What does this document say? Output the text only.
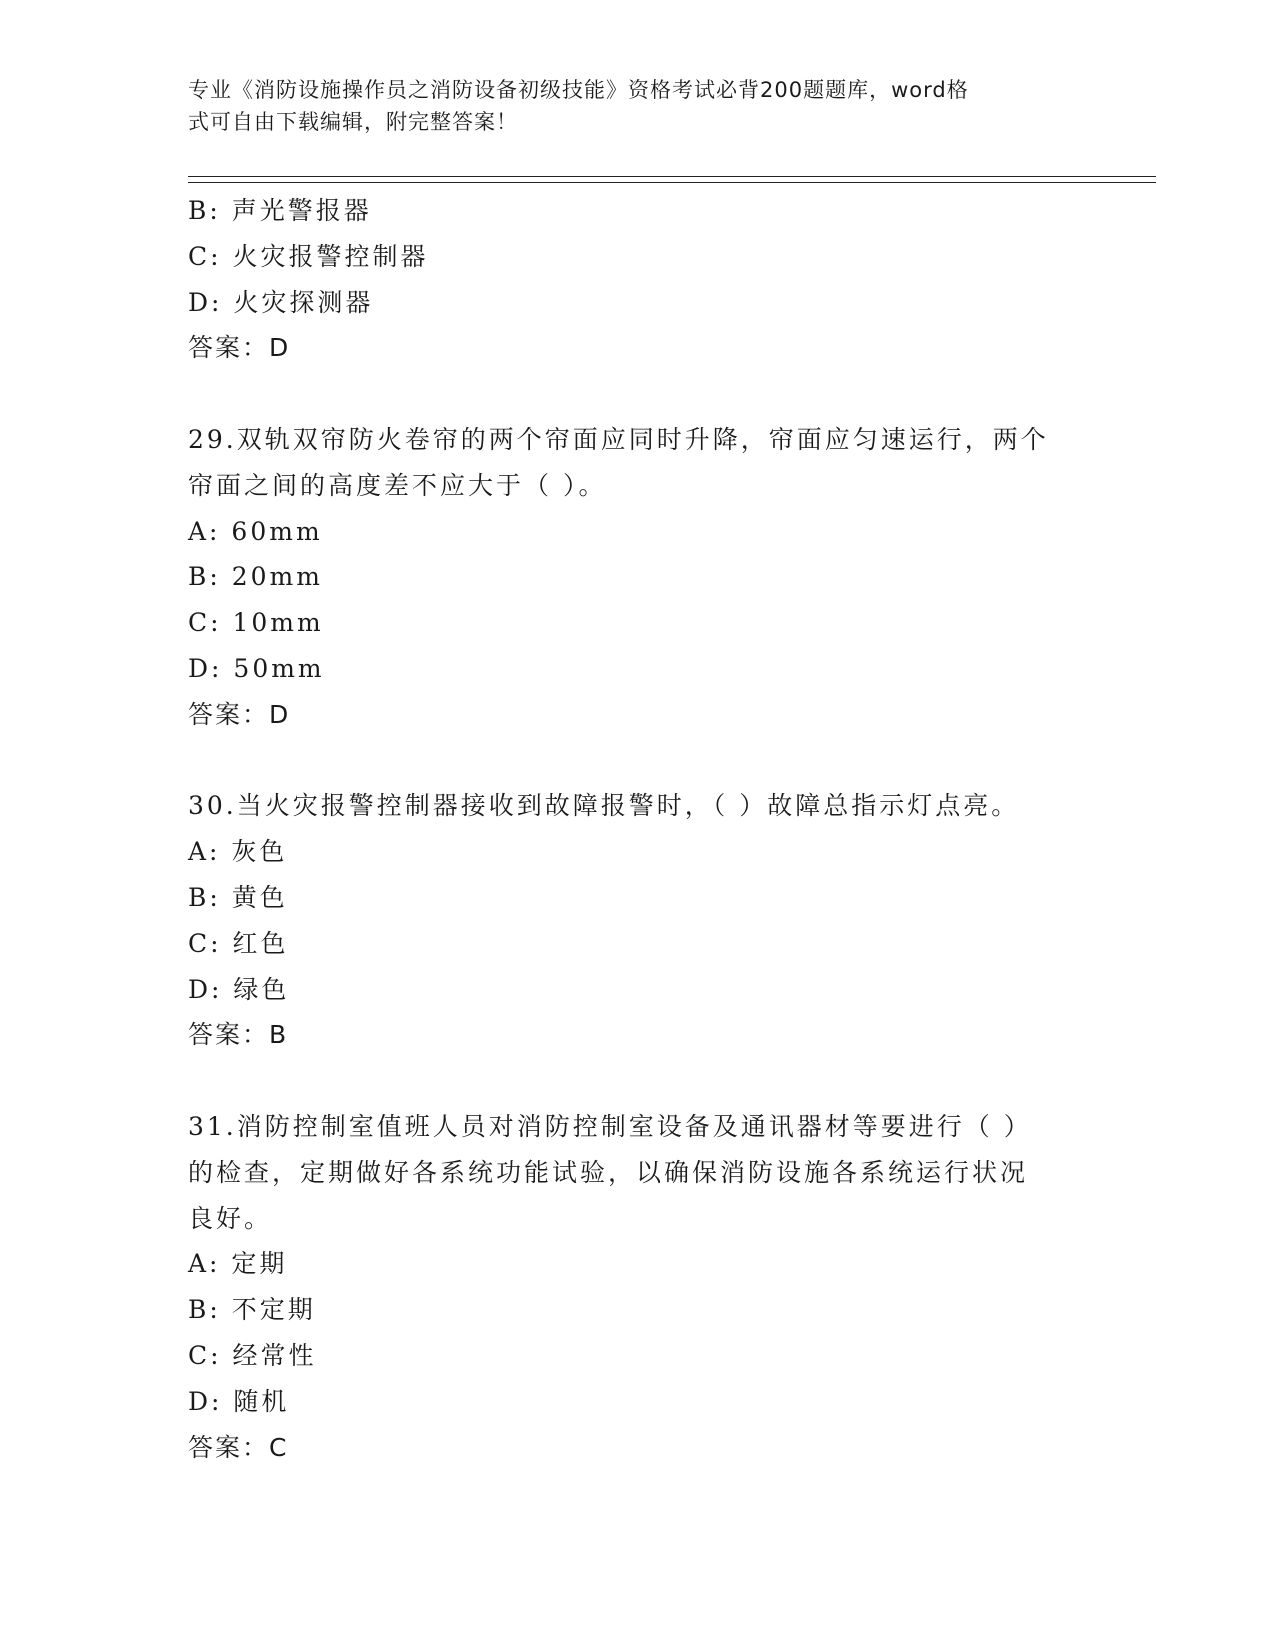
专业《消防设施操作员之消防设备初级技能》资格考试必背200题题库，word格
式可自由下载编辑，附完整答案！
B: 声光警报器
C: 火灾报警控制器
D: 火灾探测器
答案：D
29.双轨双帘防火卷帘的两个帘面应同时升降，帘面应匀速运行，两个
帘面之间的高度差不应大于（ ）。
A: 60mm
B: 20mm
C: 10mm
D: 50mm
答案：D
30.当火灾报警控制器接收到故障报警时，（ ）故障总指示灯点亮。
A: 灰色
B: 黄色
C: 红色
D: 绿色
答案：B
31.消防控制室值班人员对消防控制室设备及通讯器材等要进行（ ）
的检查，定期做好各系统功能试验，以确保消防设施各系统运行状况
良好。
A: 定期
B: 不定期
C: 经常性
D: 随机
答案：C
